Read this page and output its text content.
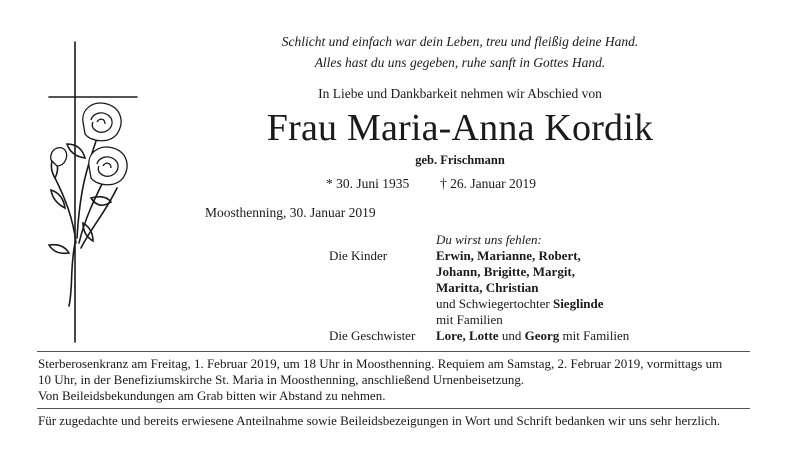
Schlicht und einfach war dein Leben, treu und fleißig deine Hand.
Alles hast du uns gegeben, ruhe sanft in Gottes Hand.
In Liebe und Dankbarkeit nehmen wir Abschied von
Frau Maria-Anna Kordik
geb. Frischmann
* 30. Juni 1935 † 26. Januar 2019
Moosthenning, 30. Januar 2019
Du wirst uns fehlen:
Die Kinder	Erwin, Marianne, Robert,
Johann, Brigitte, Margit,
Maritta, Christian
und Schwiegertochter Sieglinde
mit Familien
Die Geschwister Lore, Lotte und Georg mit Familien
Sterberosenkranz am Freitag, 1. Februar 2019, um 18 Uhr in Moosthenning. Requiem am Samstag, 2. Februar 2019, vormittags um
10 Uhr, in der Benefiziumskirche St. Maria in Moosthenning, anschließend Urnenbeisetzung.
Von Beileidsbekundungen am Grab bitten wir Abstand zu nehmen.
Für zugedachte und bereits erwiesene Anteilnahme sowie Beileidsbezeigungen in Wort und Schrift bedanken wir uns sehr herzlich.
